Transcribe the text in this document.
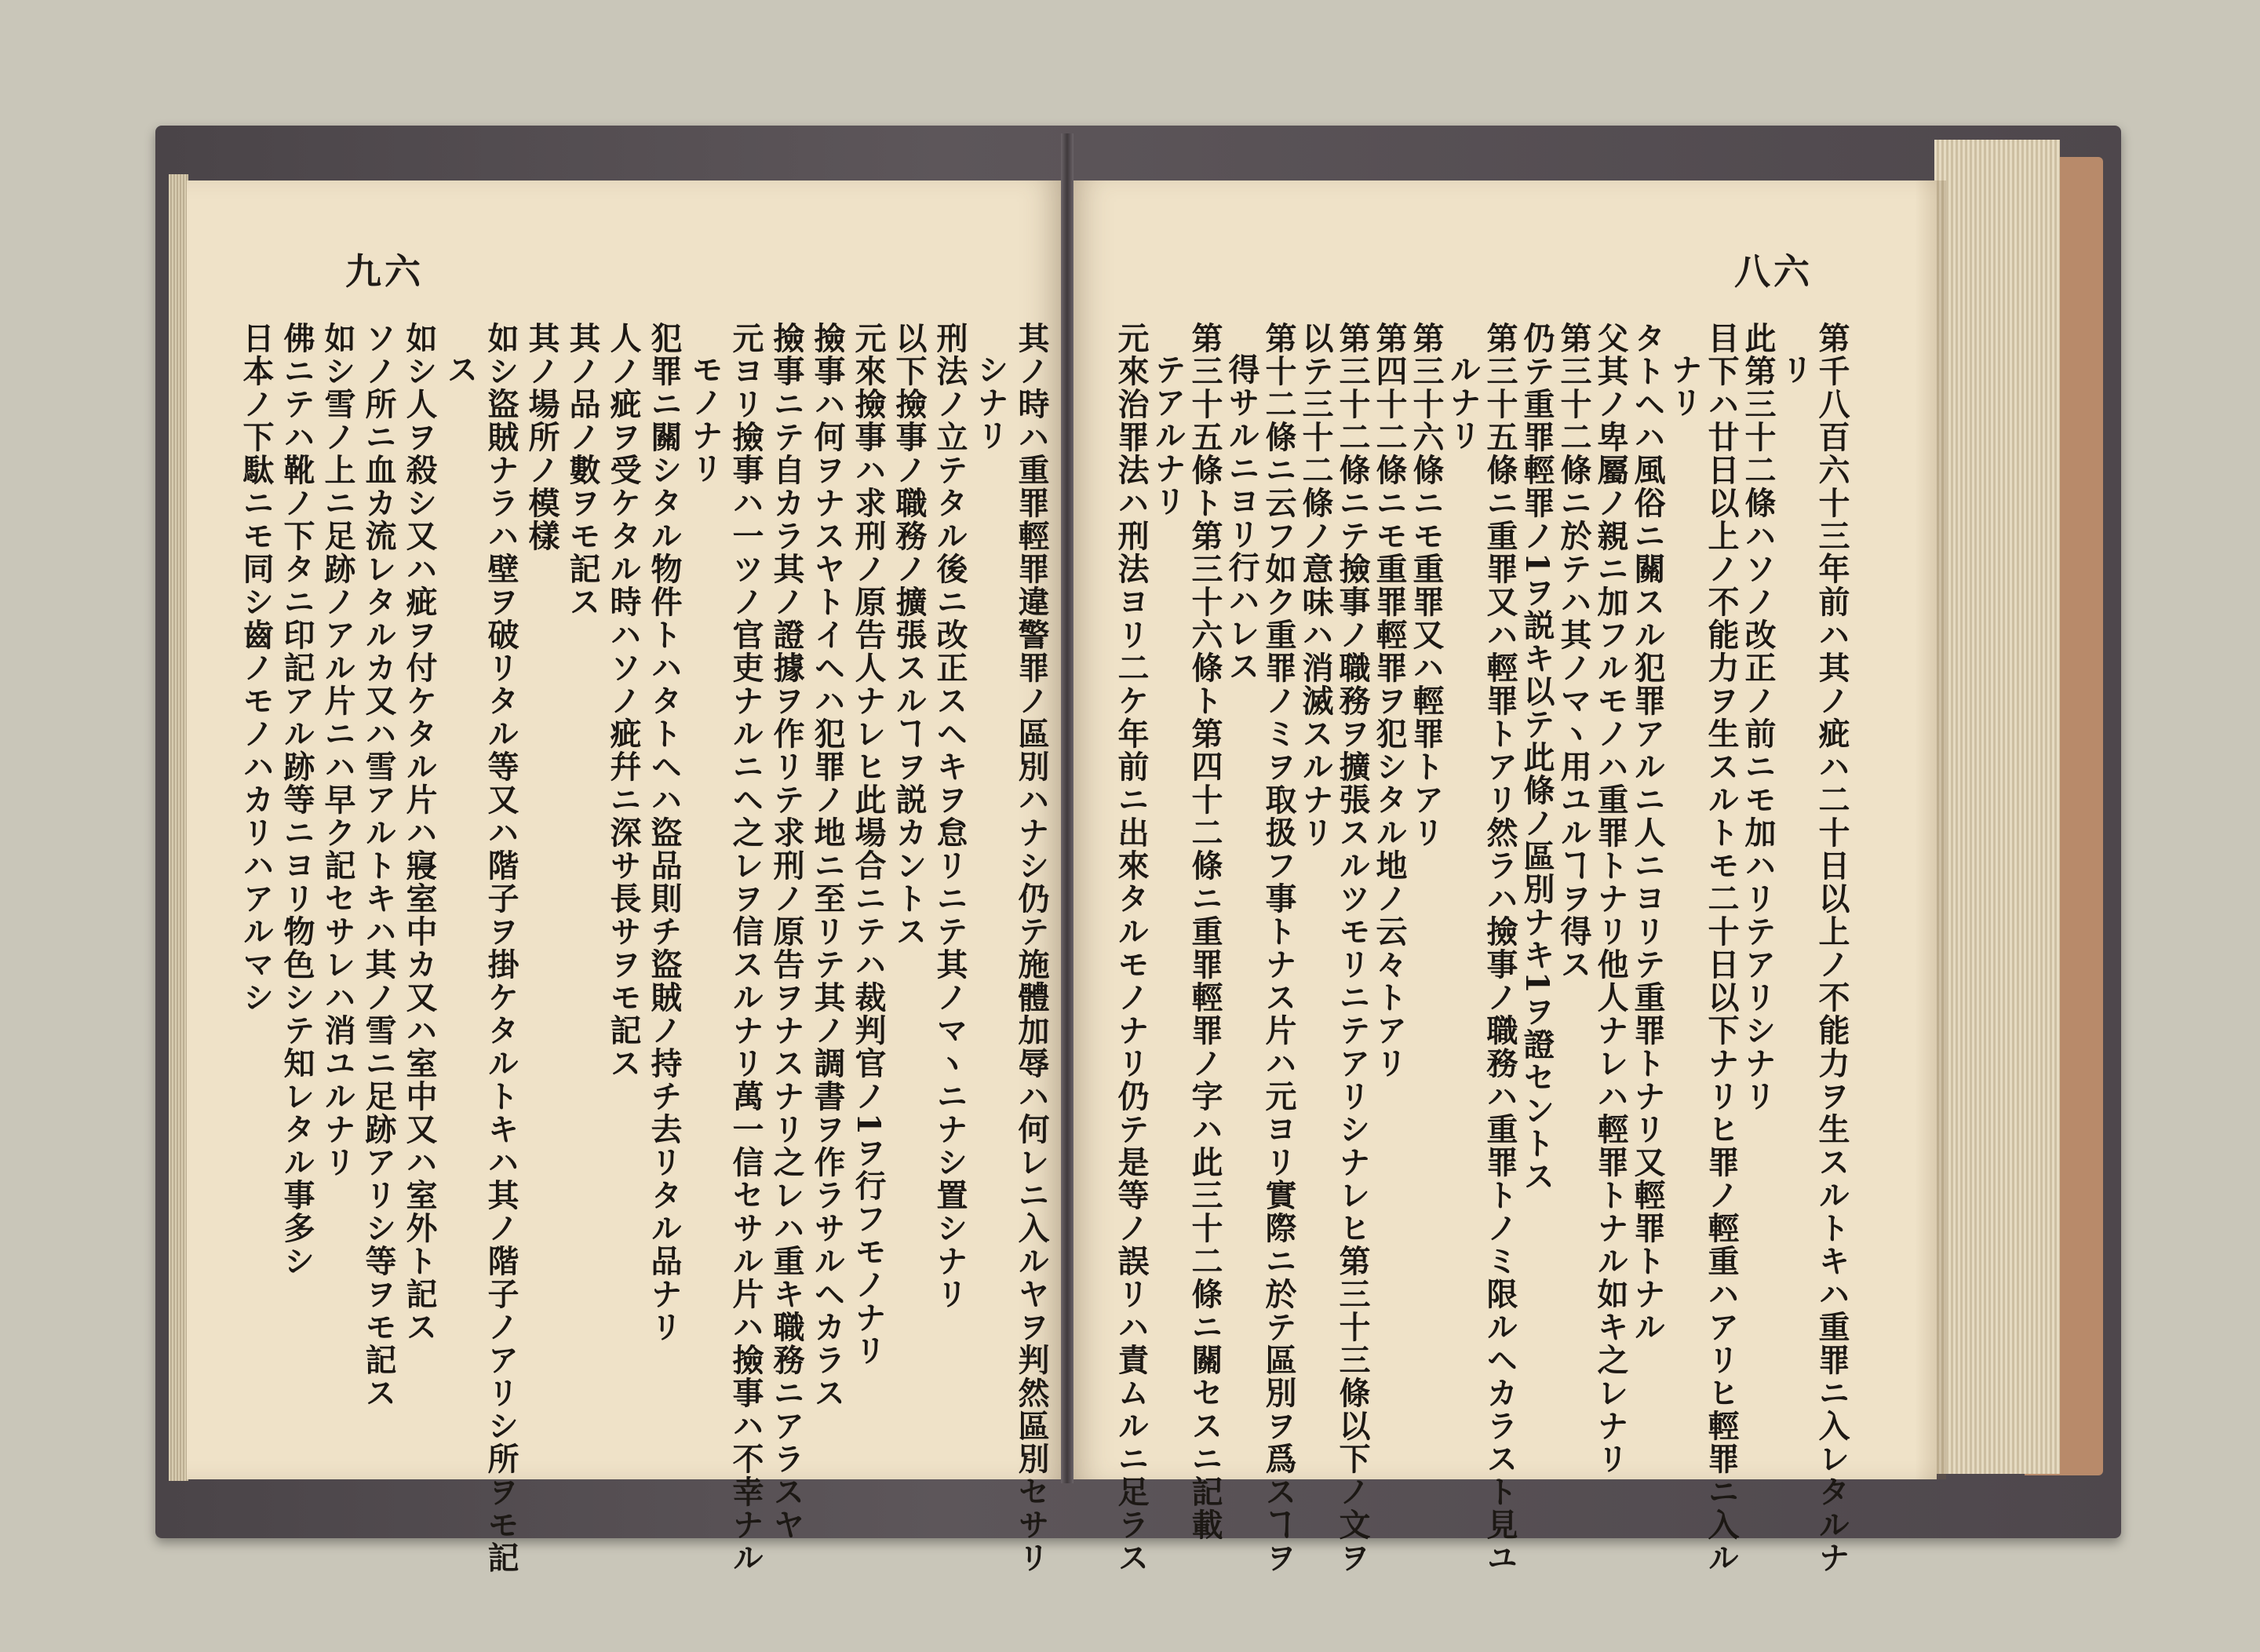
九六	八六
其ノ時ハ重罪輕罪違警罪ノ區別ハナシ仍テ施體加辱ハ何レニ入ルヤヲ判然區別セサリ
シナリ
刑法ノ立テタル後ニ改正スヘキヲ怠リニテ其ノマヽニナシ置シナリ
以下撿事ノ職務ノ擴張スルヿヲ説カントス
元來撿事ハ求刑ノ原告人ナレヒ此場合ニテハ裁判官ノ1ヲ行フモノナリ
撿事ハ何ヲナスヤトイヘハ犯罪ノ地ニ至リテ其ノ調書ヲ作ラサルヘカラス
撿事ニテ自カラ其ノ證據ヲ作リテ求刑ノ原告ヲナスナリ之レハ重キ職務ニアラスヤ
元ヨリ撿事ハ一ツノ官吏ナルニヘ之レヲ信スルナリ萬一信セサル片ハ撿事ハ不幸ナル
モノナリ
犯罪ニ關シタル物件トハタトヘハ盜品則チ盜賊ノ持チ去リタル品ナリ
人ノ疵ヲ受ケタル時ハソノ疵幷ニ深サ長サヲモ記ス
其ノ品ノ數ヲモ記ス
其ノ場所ノ模樣
如シ盜賊ナラハ壁ヲ破リタル等又ハ階子ヲ掛ケタルトキハ其ノ階子ノアリシ所ヲモ記
ス
如シ人ヲ殺シ又ハ疵ヲ付ケタル片ハ寢室中カ又ハ室中又ハ室外ト記ス
ソノ所ニ血カ流レタルカ又ハ雪アルトキハ其ノ雪ニ足跡アリシ等ヲモ記ス
如シ雪ノ上ニ足跡ノアル片ニハ早ク記セサレハ消ユルナリ
佛ニテハ靴ノ下タニ印記アル跡等ニヨリ物色シテ知レタル事多シ
日本ノ下駄ニモ同シ齒ノモノハカリハアルマシ	第千八百六十三年前ハ其ノ疵ハ二十日以上ノ不能力ヲ生スルトキハ重罪ニ入レタルナ
リ
此第三十二條ハソノ改正ノ前ニモ加ハリテアリシナリ
目下ハ廿日以上ノ不能力ヲ生スルトモ二十日以下ナリヒ罪ノ輕重ハアリヒ輕罪ニ入ル
ナリ
タトヘハ風俗ニ關スル犯罪アルニ人ニヨリテ重罪トナリ又輕罪トナル
父其ノ卑屬ノ親ニ加フルモノハ重罪トナリ他人ナレハ輕罪トナル如キ之レナリ
第三十二條ニ於テハ其ノマヽ用ユルヿヲ得ス
仍テ重罪輕罪ノ1ヲ説キ以テ此條ノ區別ナキ1ヲ證セントス
第三十五條ニ重罪又ハ輕罪トアリ然ラハ撿事ノ職務ハ重罪トノミ限ルヘカラスト見ユ
ルナリ
第三十六條ニモ重罪又ハ輕罪トアリ
第四十二條ニモ重罪輕罪ヲ犯シタル地ノ云々トアリ
第三十二條ニテ撿事ノ職務ヲ擴張スルツモリニテアリシナレヒ第三十三條以下ノ文ヲ
以テ三十二條ノ意味ハ消滅スルナリ
第十二條ニ云フ如ク重罪ノミヲ取扱フ事トナス片ハ元ヨリ實際ニ於テ區別ヲ爲スヿヲ
得サルニヨリ行ハレス
第三十五條ト第三十六條ト第四十二條ニ重罪輕罪ノ字ハ此三十二條ニ關セスニ記載
テアルナリ
元來治罪法ハ刑法ヨリ二ケ年前ニ出來タルモノナリ仍テ是等ノ誤リハ責ムルニ足ラス
